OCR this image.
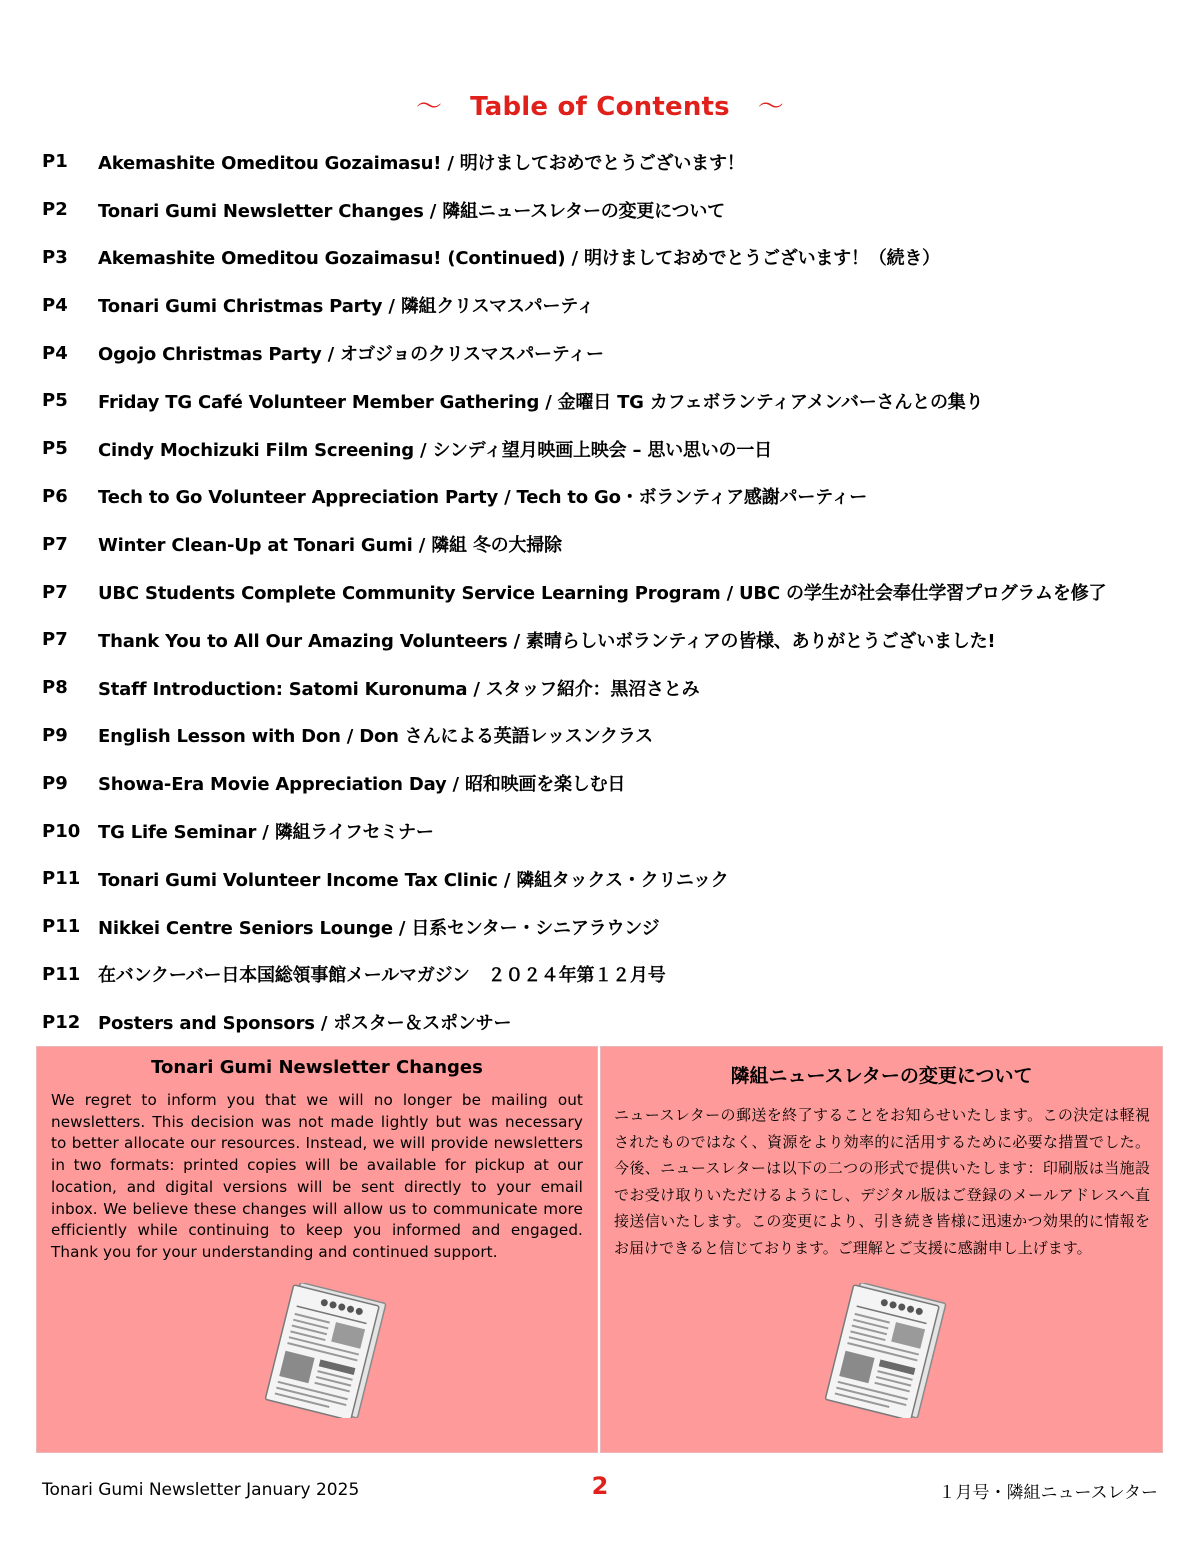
～ Table of Contents ～
P1	Akemashite Omeditou Gozaimasu! / 明けましておめでとうございます！
P2	Tonari Gumi Newsletter Changes / 隣組ニュースレターの変更について
P3	Akemashite Omeditou Gozaimasu! (Continued) / 明けましておめでとうございます！（続き）
P4	Tonari Gumi Christmas Party / 隣組クリスマスパーティ
P4	Ogojo Christmas Party / オゴジョのクリスマスパーティー
P5	Friday TG Café Volunteer Member Gathering / 金曜日 TG カフェボランティアメンバーさんとの集り
P5	Cindy Mochizuki Film Screening / シンディ望月映画上映会 – 思い思いの一日
P6	Tech to Go Volunteer Appreciation Party / Tech to Go・ボランティア感謝パーティー
P7	Winter Clean-Up at Tonari Gumi / 隣組 冬の大掃除
P7	UBC Students Complete Community Service Learning Program / UBC の学生が社会奉仕学習プログラムを修了
P7	Thank You to All Our Amazing Volunteers / 素晴らしいボランティアの皆様、ありがとうございました!
P8	Staff Introduction: Satomi Kuronuma / スタッフ紹介：黒沼さとみ
P9	English Lesson with Don / Don さんによる英語レッスンクラス
P9	Showa-Era Movie Appreciation Day / 昭和映画を楽しむ日
P10 TG Life Seminar / 隣組ライフセミナー
P11 Tonari Gumi Volunteer Income Tax Clinic / 隣組タックス・クリニック
P11 Nikkei Centre Seniors Lounge / 日系センター・シニアラウンジ
P11 在バンクーバー日本国総領事館メールマガジン　２０２４年第１２月号
P12 Posters and Sponsors / ポスター＆スポンサー
Tonari Gumi Newsletter Changes
We regret to inform you that we will no longer be mailing out newsletters. This decision was not made lightly but was necessary to better allocate our resources. Instead, we will provide newsletters in two formats: printed copies will be available for pickup at our location, and digital versions will be sent directly to your email inbox. We believe these changes will allow us to communicate more efficiently while continuing to keep you informed and engaged. Thank you for your understanding and continued support.
隣組ニュースレターの変更について
ニュースレターの郵送を終了することをお知らせいたします。この決定は軽視されたものではなく、資源をより効率的に活用するために必要な措置でした。今後、ニュースレターは以下の二つの形式で提供いたします：印刷版は当施設でお受け取りいただけるようにし、デジタル版はご登録のメールアドレスへ直接送信いたします。この変更により、引き続き皆様に迅速かつ効果的に情報をお届けできると信じております。ご理解とご支援に感謝申し上げます。
Tonari Gumi Newsletter January 2025	2	１月号・隣組ニュースレター
